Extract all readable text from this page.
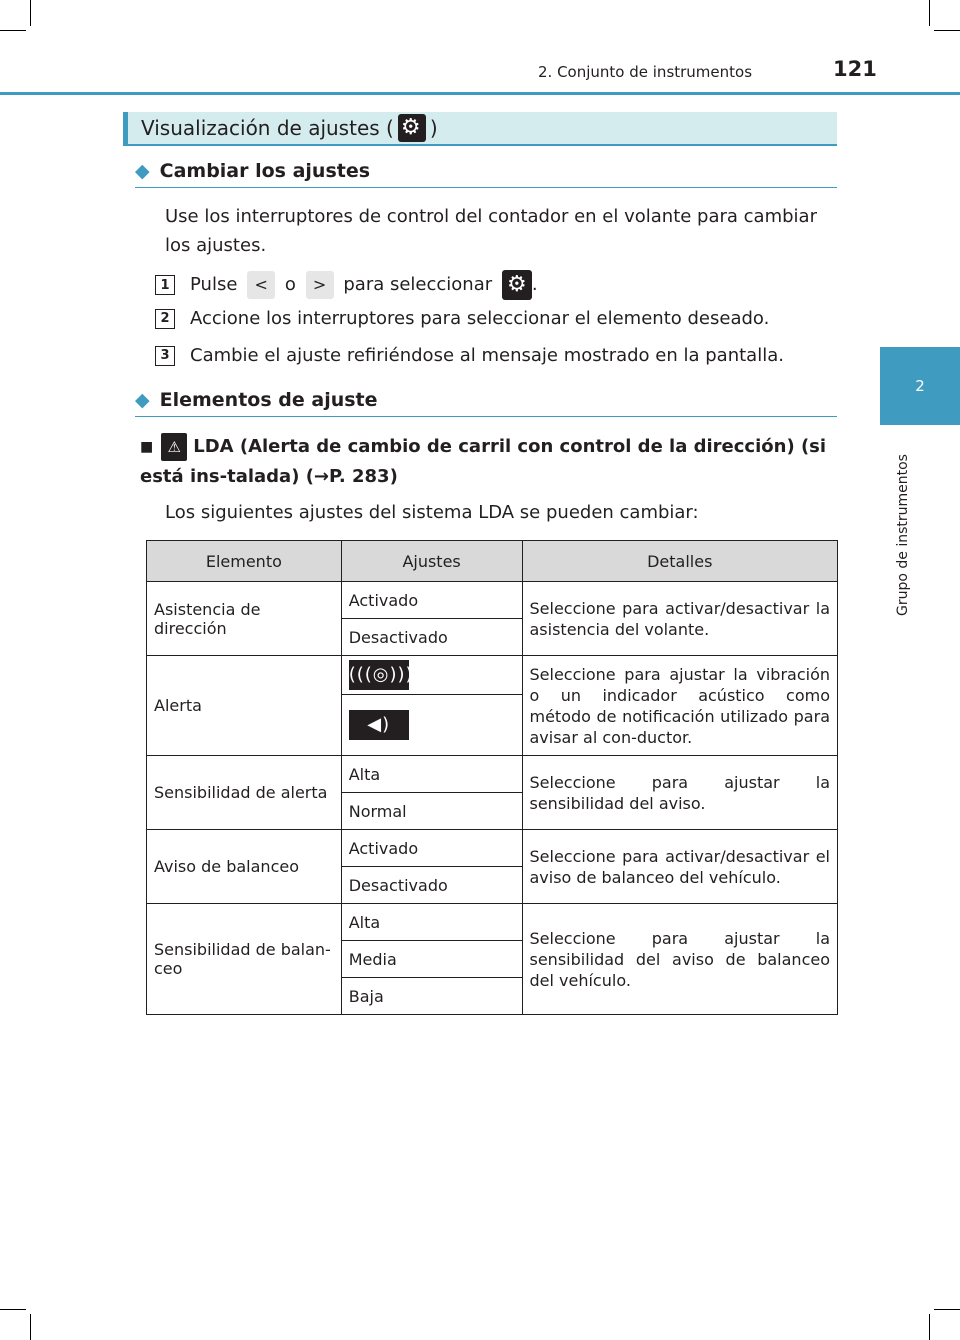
2. Conjunto de instrumentos	121
2
Grupo de instrumentos
Visualización de ajustes ( ⚙ )
◆ Cambiar los ajustes
Use los interruptores de control del contador en el volante para cambiar los ajustes.
1	Pulse < o > para seleccionar ⚙ .
2	Accione los interruptores para seleccionar el elemento deseado.
3	Cambie el ajuste refiriéndose al mensaje mostrado en la pantalla.
◆ Elementos de ajuste
■ ⚠ LDA (Alerta de cambio de carril con control de la dirección) (si está ins-talada) (→P. 283)
Los siguientes ajustes del sistema LDA se pueden cambiar:
Elemento	Ajustes	Detalles
Asistencia de dirección	Activado	Seleccione para activar/desactivar la asistencia del volante.
	Desactivado	
Alerta	(((◎)))	Seleccione para ajustar la vibración o un indicador acústico como método de notificación utilizado para avisar al con-ductor.
	◀)	
Sensibilidad de alerta	Alta	Seleccione para ajustar la sensibilidad del aviso.
	Normal	
Aviso de balanceo	Activado	Seleccione para activar/desactivar el aviso de balanceo del vehículo.
	Desactivado	
Sensibilidad de balan-ceo	Alta	Seleccione para ajustar la sensibilidad del aviso de balanceo del vehículo.
	Media	
	Baja	
